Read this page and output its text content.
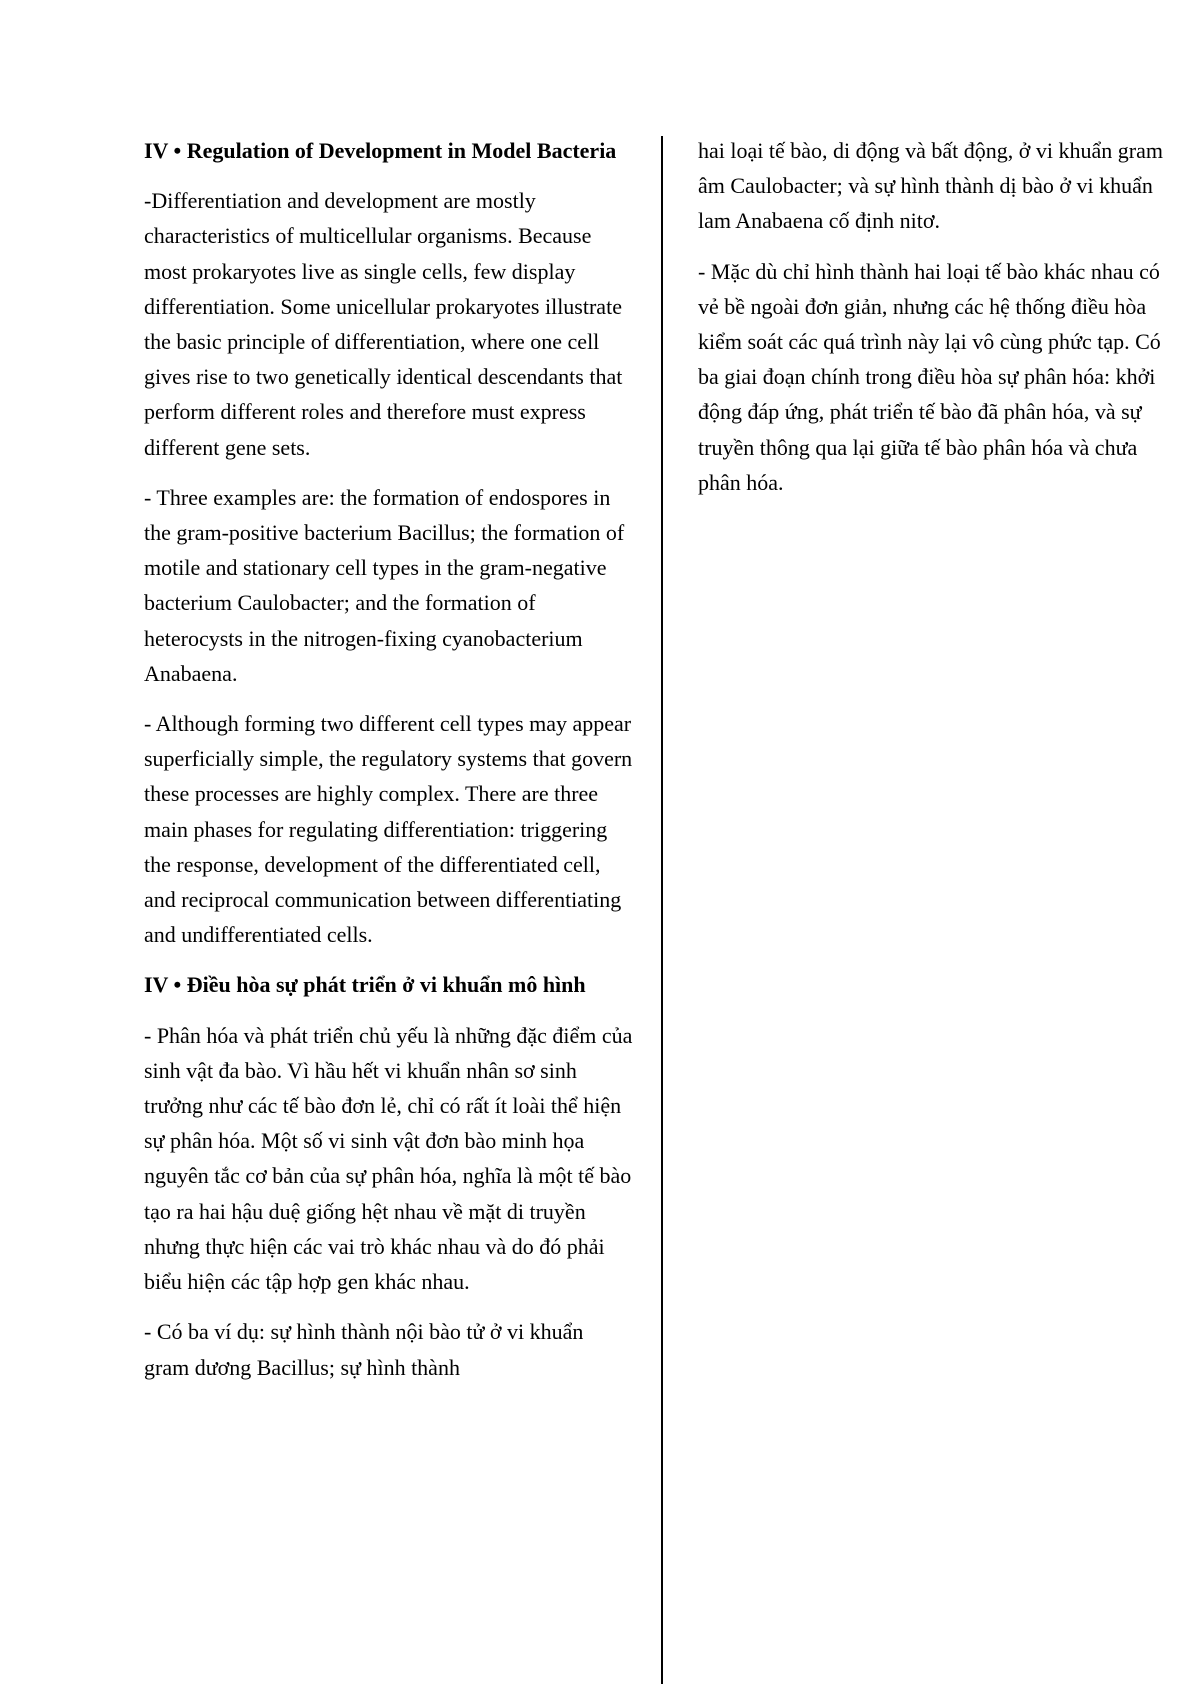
IV • Regulation of Development in Model Bacteria

-Differentiation and development are mostly characteristics of multicellular organisms. Because most prokaryotes live as single cells, few display differentiation. Some unicellular prokaryotes illustrate the basic principle of differentiation, where one cell gives rise to two genetically identical descendants that perform different roles and therefore must express different gene sets.

- Three examples are: the formation of endospores in the gram-positive bacterium Bacillus; the formation of motile and stationary cell types in the gram-negative bacterium Caulobacter; and the formation of heterocysts in the nitrogen-fixing cyanobacterium Anabaena.

- Although forming two different cell types may appear superficially simple, the regulatory systems that govern these processes are highly complex. There are three main phases for regulating differentiation: triggering the response, development of the differentiated cell, and reciprocal communication between differentiating and undifferentiated cells.

IV • Điều hòa sự phát triển ở vi khuẩn mô hình

- Phân hóa và phát triển chủ yếu là những đặc điểm của sinh vật đa bào. Vì hầu hết vi khuẩn nhân sơ sinh trưởng như các tế bào đơn lẻ, chỉ có rất ít loài thể hiện sự phân hóa. Một số vi sinh vật đơn bào minh họa nguyên tắc cơ bản của sự phân hóa, nghĩa là một tế bào tạo ra hai hậu duệ giống hệt nhau về mặt di truyền nhưng thực hiện các vai trò khác nhau và do đó phải biểu hiện các tập hợp gen khác nhau.

- Có ba ví dụ: sự hình thành nội bào tử ở vi khuẩn gram dương Bacillus; sự hình thành

hai loại tế bào, di động và bất động, ở vi khuẩn gram âm Caulobacter; và sự hình thành dị bào ở vi khuẩn lam Anabaena cố định nitơ.

- Mặc dù chỉ hình thành hai loại tế bào khác nhau có vẻ bề ngoài đơn giản, nhưng các hệ thống điều hòa kiểm soát các quá trình này lại vô cùng phức tạp. Có ba giai đoạn chính trong điều hòa sự phân hóa: khởi động đáp ứng, phát triển tế bào đã phân hóa, và sự truyền thông qua lại giữa tế bào phân hóa và chưa phân hóa.
